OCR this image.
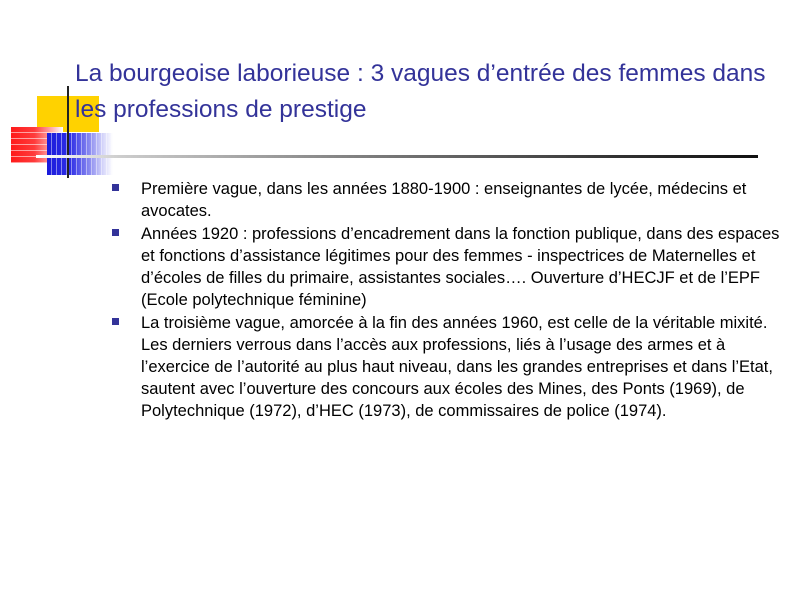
La bourgeoise laborieuse : 3 vagues d’entrée des femmes dans les professions de prestige
Première vague, dans les années 1880-1900 : enseignantes de lycée, médecins et avocates.
Années 1920 : professions d’encadrement dans la fonction publique, dans des espaces et fonctions d’assistance légitimes pour des femmes - inspectrices de Maternelles et d’écoles de filles du primaire, assistantes sociales…. Ouverture d’HECJF et de l’EPF (Ecole polytechnique féminine)
La troisième vague, amorcée à la fin des années 1960, est celle de la véritable mixité. Les derniers verrous dans l’accès aux professions, liés à l’usage des armes et à l’exercice de l’autorité au plus haut niveau, dans les grandes entreprises et dans l’Etat, sautent avec l’ouverture des concours aux écoles des Mines, des Ponts (1969), de Polytechnique (1972), d’HEC (1973), de commissaires de police (1974).
